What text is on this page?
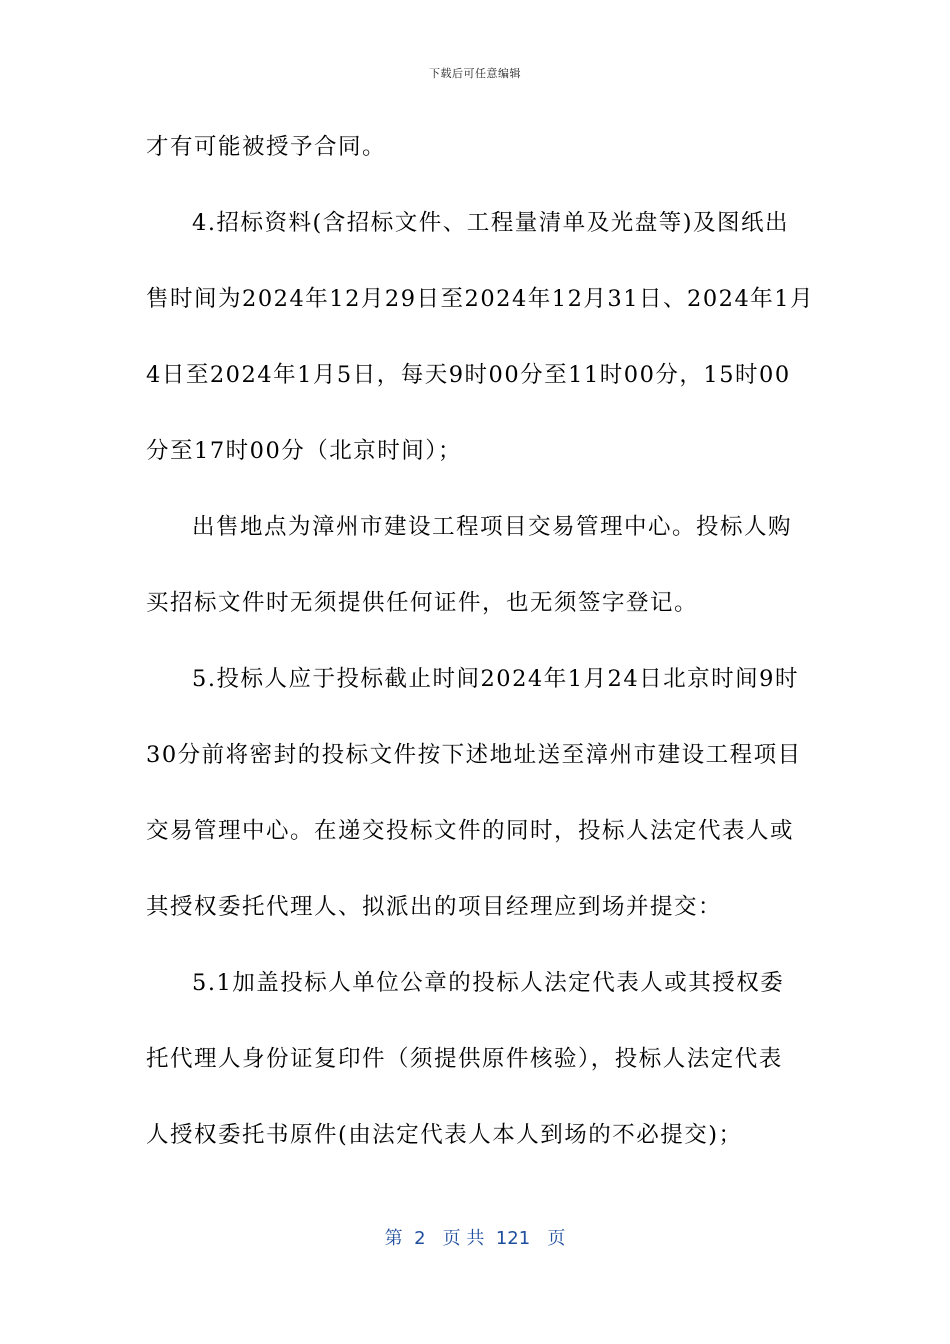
下载后可任意编辑
才有可能被授予合同。
4.招标资料(含招标文件、工程量清单及光盘等)及图纸出
售时间为2024年12月29日至2024年12月31日、2024年1月
4日至2024年1月5日，每天9时00分至11时00分，15时00
分至17时00分（北京时间）；
出售地点为漳州市建设工程项目交易管理中心。投标人购
买招标文件时无须提供任何证件，也无须签字登记。
5.投标人应于投标截止时间2024年1月24日北京时间9时
30分前将密封的投标文件按下述地址送至漳州市建设工程项目
交易管理中心。在递交投标文件的同时，投标人法定代表人或
其授权委托代理人、拟派出的项目经理应到场并提交：
5.1加盖投标人单位公章的投标人法定代表人或其授权委
托代理人身份证复印件（须提供原件核验），投标人法定代表
人授权委托书原件(由法定代表人本人到场的不必提交)；
第  2   页 共  121   页
